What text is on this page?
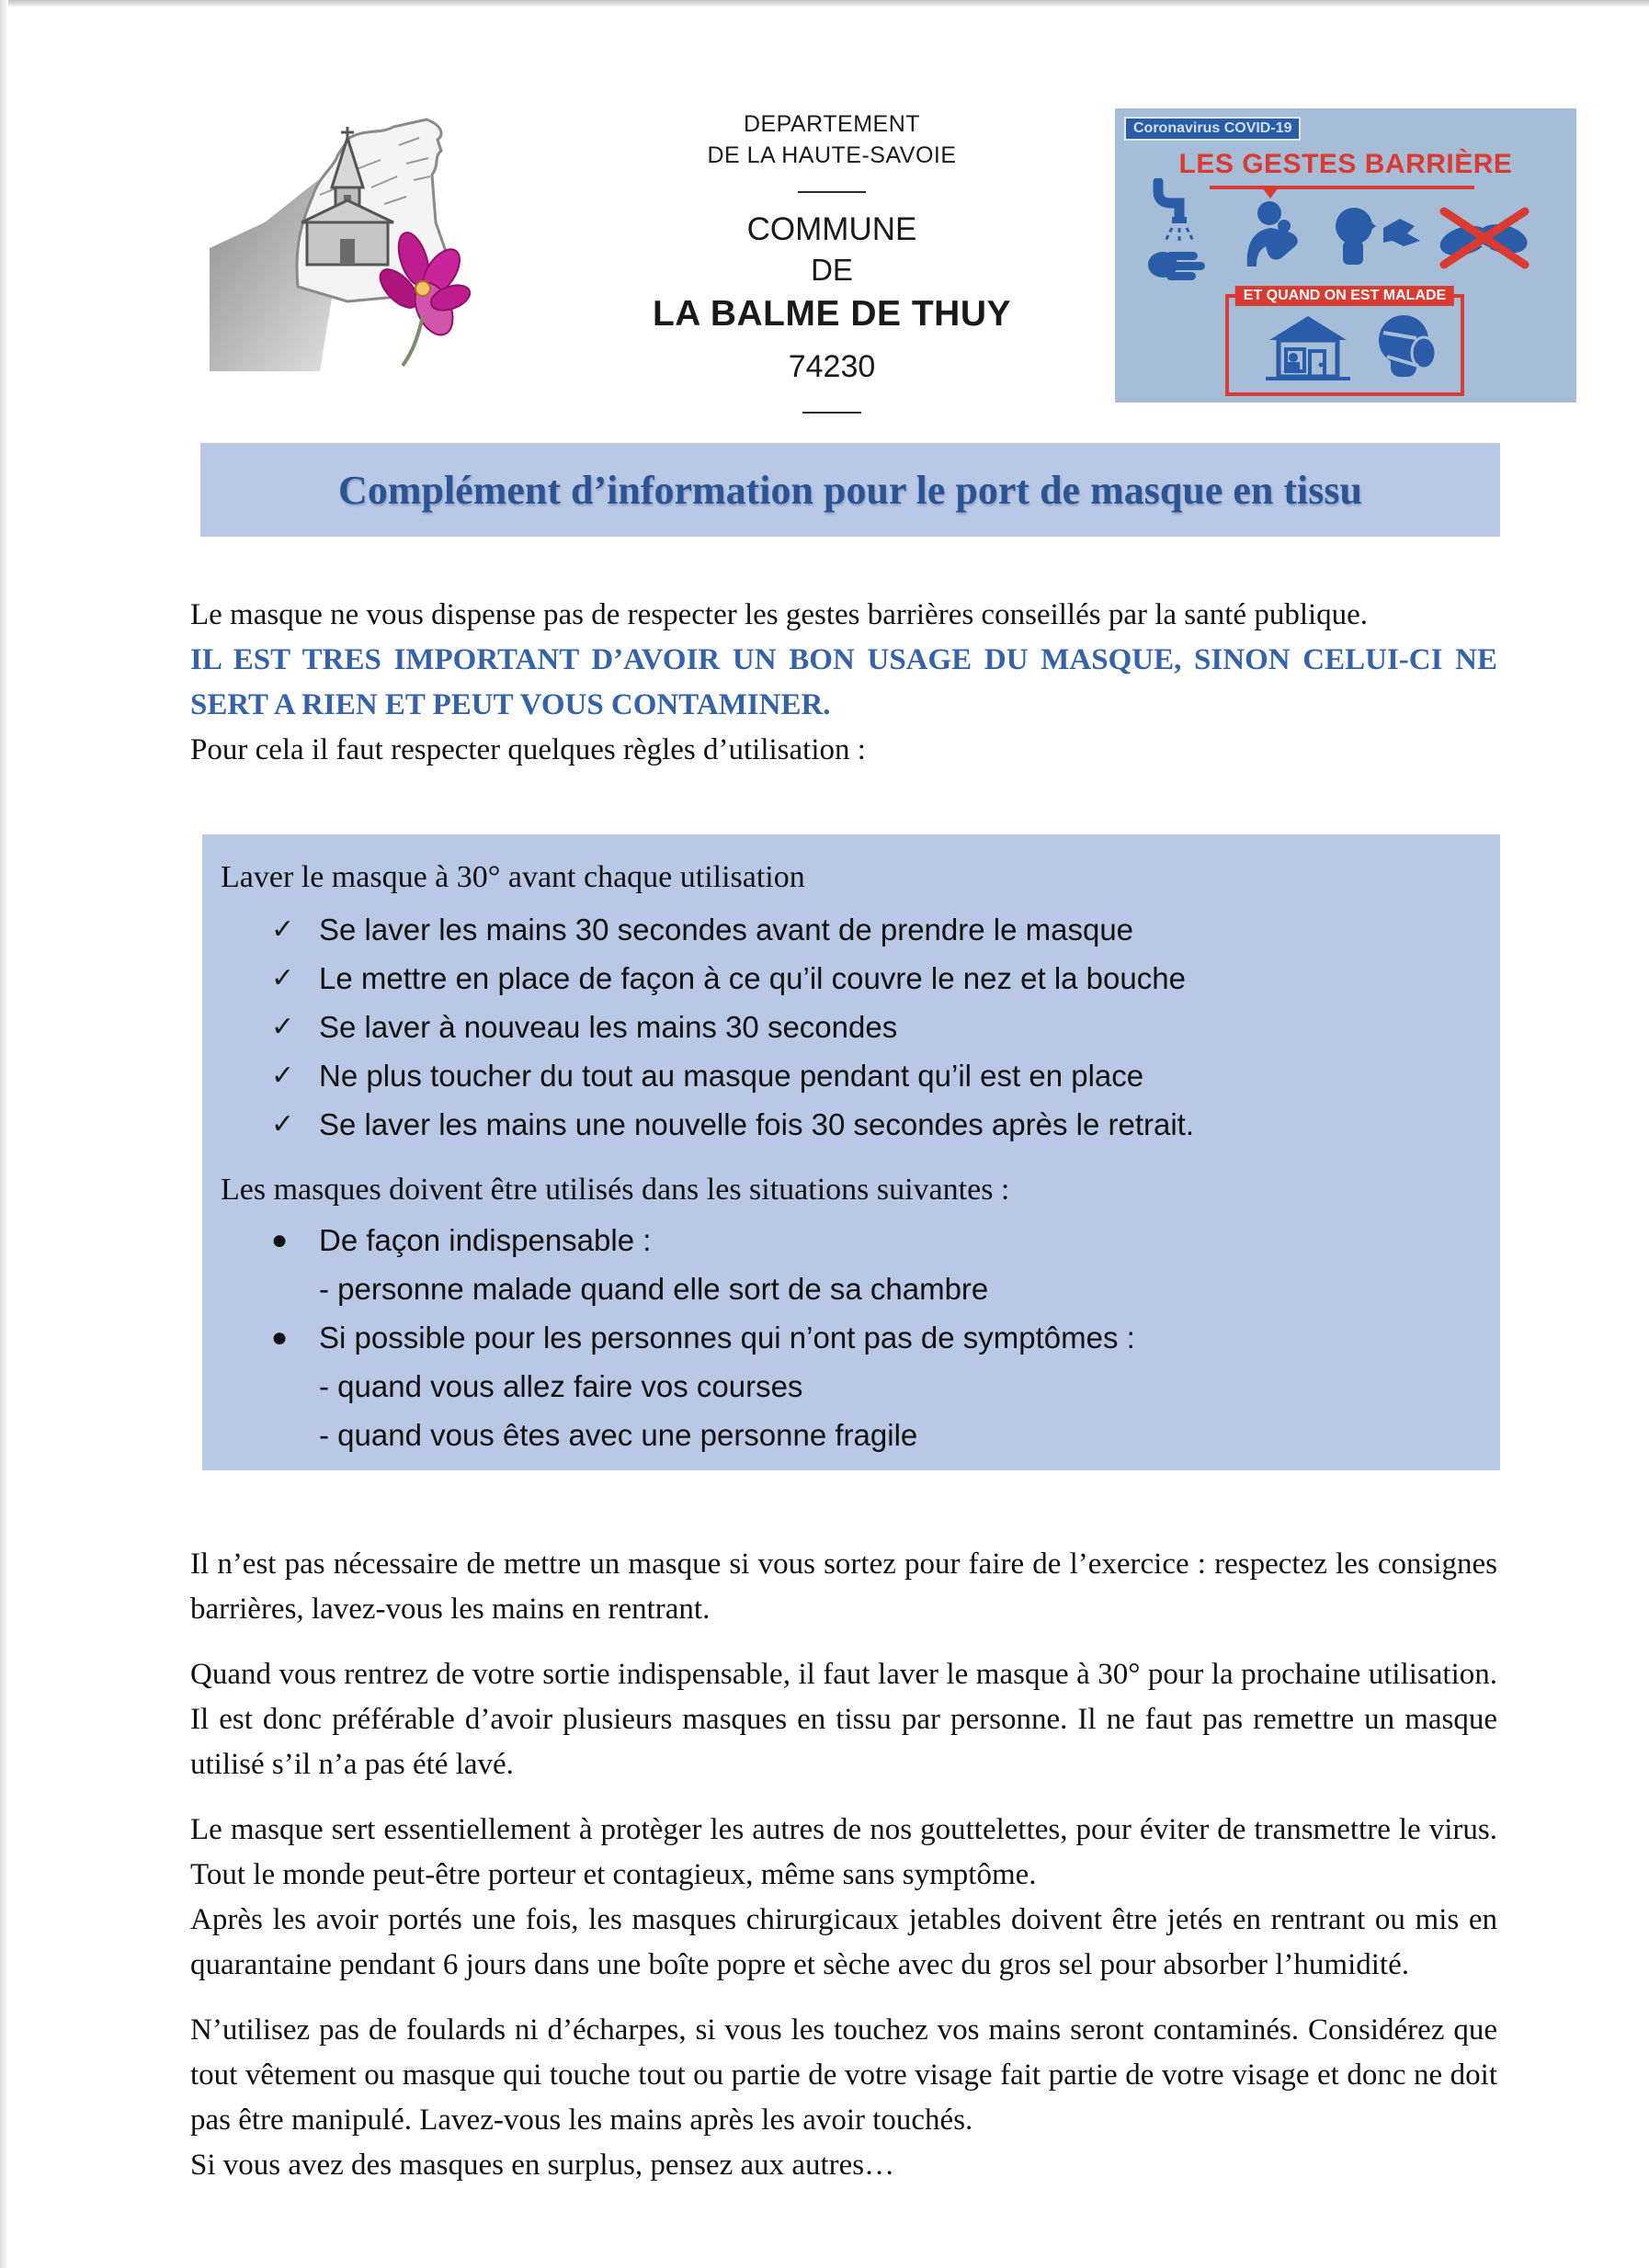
DEPARTEMENT
DE LA HAUTE-SAVOIE
COMMUNE
DE
LA BALME DE THUY
74230
Coronavirus COVID-19
LES GESTES BARRIÈRE
ET QUAND ON EST MALADE
Complément d’information pour le port de masque en tissu

Le masque ne vous dispense pas de respecter les gestes barrières conseillés par la santé publique.

IL EST TRES IMPORTANT D’AVOIR UN BON USAGE DU MASQUE, SINON CELUI-CI NE SERT A RIEN ET PEUT VOUS CONTAMINER.

Pour cela il faut respecter quelques règles d’utilisation :

Laver le masque à 30° avant chaque utilisation

✓ Se laver les mains 30 secondes avant de prendre le masque
✓ Le mettre en place de façon à ce qu’il couvre le nez et la bouche
✓ Se laver à nouveau les mains 30 secondes
✓ Ne plus toucher du tout au masque pendant qu’il est en place
✓ Se laver les mains une nouvelle fois 30 secondes après le retrait.

Les masques doivent être utilisés dans les situations suivantes :

●	De façon indispensable :
- personne malade quand elle sort de sa chambre
●	Si possible pour les personnes qui n’ont pas de symptômes :
- quand vous allez faire vos courses
- quand vous êtes avec une personne fragile

Il n’est pas nécessaire de mettre un masque si vous sortez pour faire de l’exercice : respectez les consignes barrières, lavez-vous les mains en rentrant.

Quand vous rentrez de votre sortie indispensable, il faut laver le masque à 30° pour la prochaine utilisation. Il est donc préférable d’avoir plusieurs masques en tissu par personne. Il ne faut pas remettre un masque utilisé s’il n’a pas été lavé.

Le masque sert essentiellement à protèger les autres de nos gouttelettes, pour éviter de transmettre le virus. Tout le monde peut-être porteur et contagieux, même sans symptôme.

Après les avoir portés une fois, les masques chirurgicaux jetables doivent être jetés en rentrant ou mis en quarantaine pendant 6 jours dans une boîte popre et sèche avec du gros sel pour absorber l’humidité.

N’utilisez pas de foulards ni d’écharpes, si vous les touchez vos mains seront contaminés. Considérez que tout vêtement ou masque qui touche tout ou partie de votre visage fait partie de votre visage et donc ne doit pas être manipulé. Lavez-vous les mains après les avoir touchés.

Si vous avez des masques en surplus, pensez aux autres…
